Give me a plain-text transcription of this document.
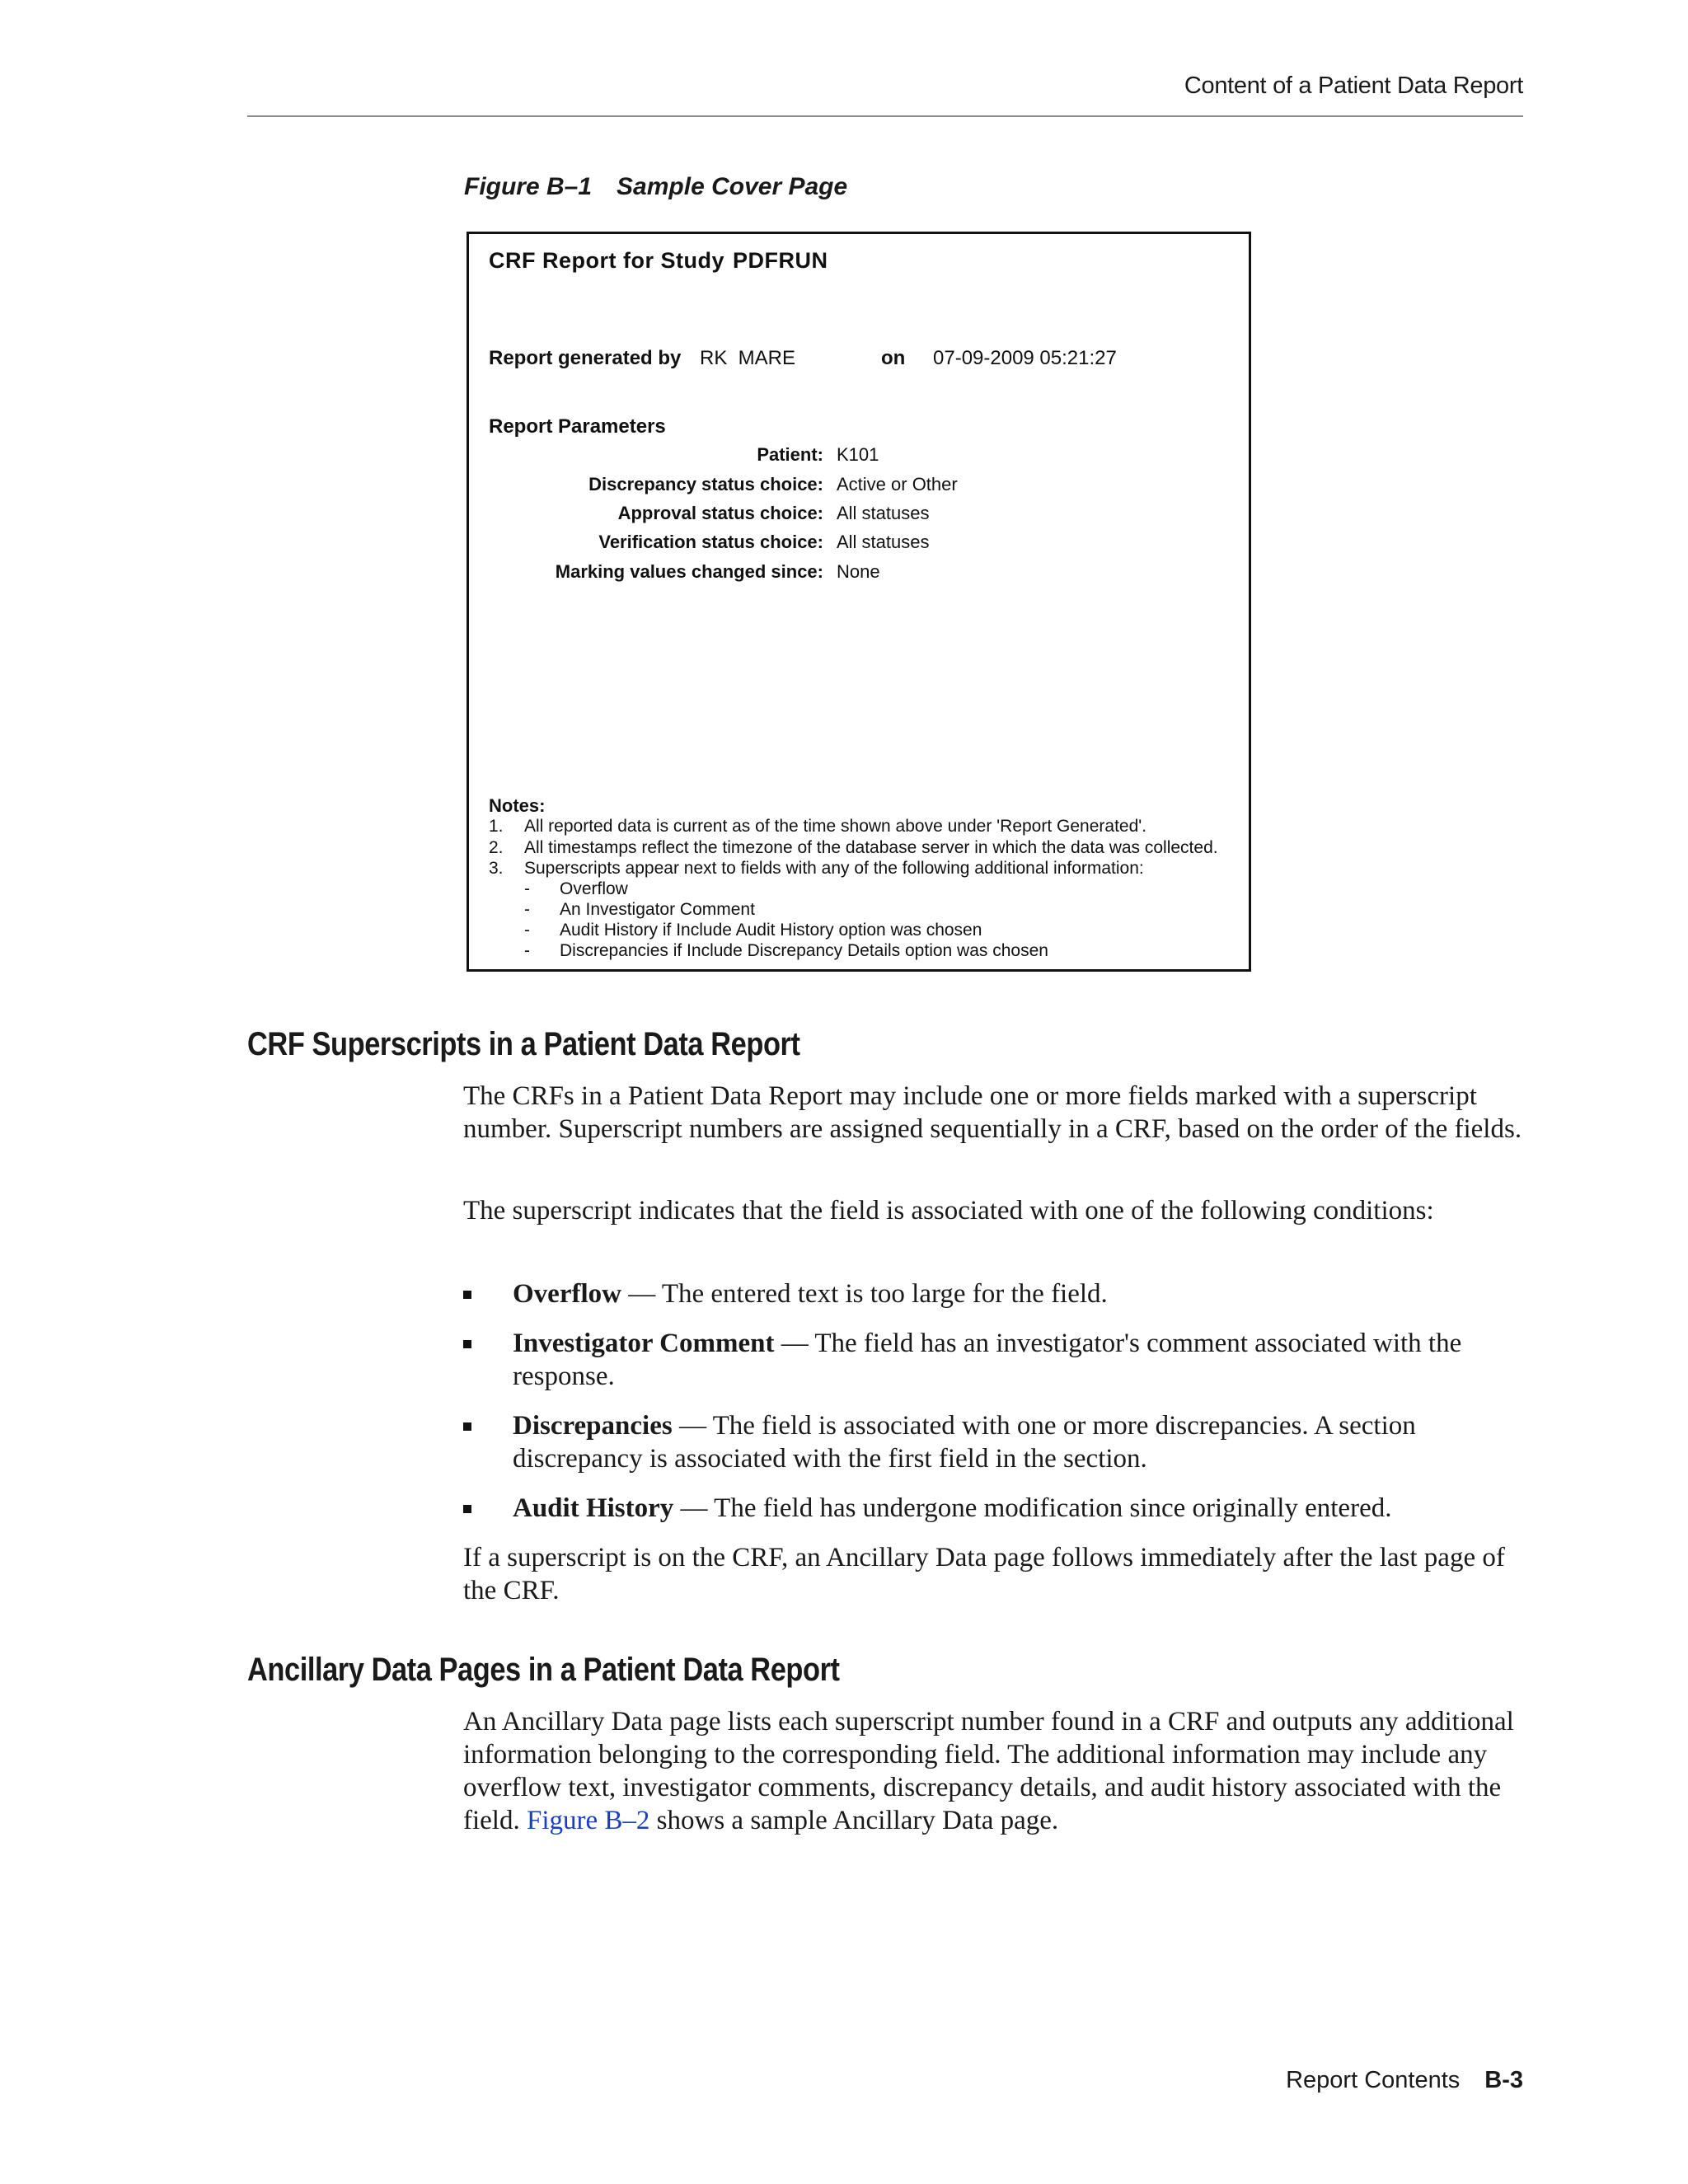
Content of a Patient Data Report
Figure B–1 Sample Cover Page
CRF Report for Study PDFRUN
Report generated by RK  MARE	on 07-09-2009 05:21:27
Report Parameters
Patient: K101
Discrepancy status choice: Active or Other
Approval status choice: All statuses
Verification status choice: All statuses
Marking values changed since: None
Notes:
1. All reported data is current as of the time shown above under 'Report Generated'.
2. All timestamps reflect the timezone of the database server in which the data was collected.
3. Superscripts appear next to fields with any of the following additional information:
- Overflow
- An Investigator Comment
- Audit History if Include Audit History option was chosen
- Discrepancies if Include Discrepancy Details option was chosen
CRF Superscripts in a Patient Data Report

The CRFs in a Patient Data Report may include one or more fields marked with a superscript number. Superscript numbers are assigned sequentially in a CRF, based on the order of the fields.

The superscript indicates that the field is associated with one of the following conditions:

Overflow — The entered text is too large for the field.
Investigator Comment — The field has an investigator's comment associated with the response.
Discrepancies — The field is associated with one or more discrepancies. A section discrepancy is associated with the first field in the section.
Audit History — The field has undergone modification since originally entered.

If a superscript is on the CRF, an Ancillary Data page follows immediately after the last page of the CRF.

Ancillary Data Pages in a Patient Data Report

An Ancillary Data page lists each superscript number found in a CRF and outputs any additional information belonging to the corresponding field. The additional information may include any overflow text, investigator comments, discrepancy details, and audit history associated with the field. Figure B–2 shows a sample Ancillary Data page.

Report Contents B-3
